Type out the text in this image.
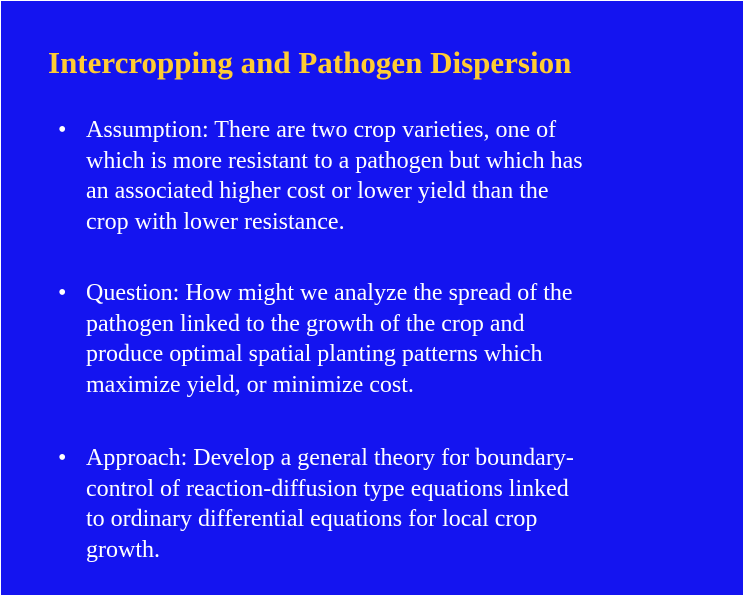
Intercropping and Pathogen Dispersion
• Assumption: There are two crop varieties, one of
which is more resistant to a pathogen but which has
an associated higher cost or lower yield than the
crop with lower resistance.
• Question: How might we analyze the spread of the
pathogen linked to the growth of the crop and
produce optimal spatial planting patterns which
maximize yield, or minimize cost.
• Approach: Develop a general theory for boundary-
control of reaction-diffusion type equations linked
to ordinary differential equations for local crop
growth.
